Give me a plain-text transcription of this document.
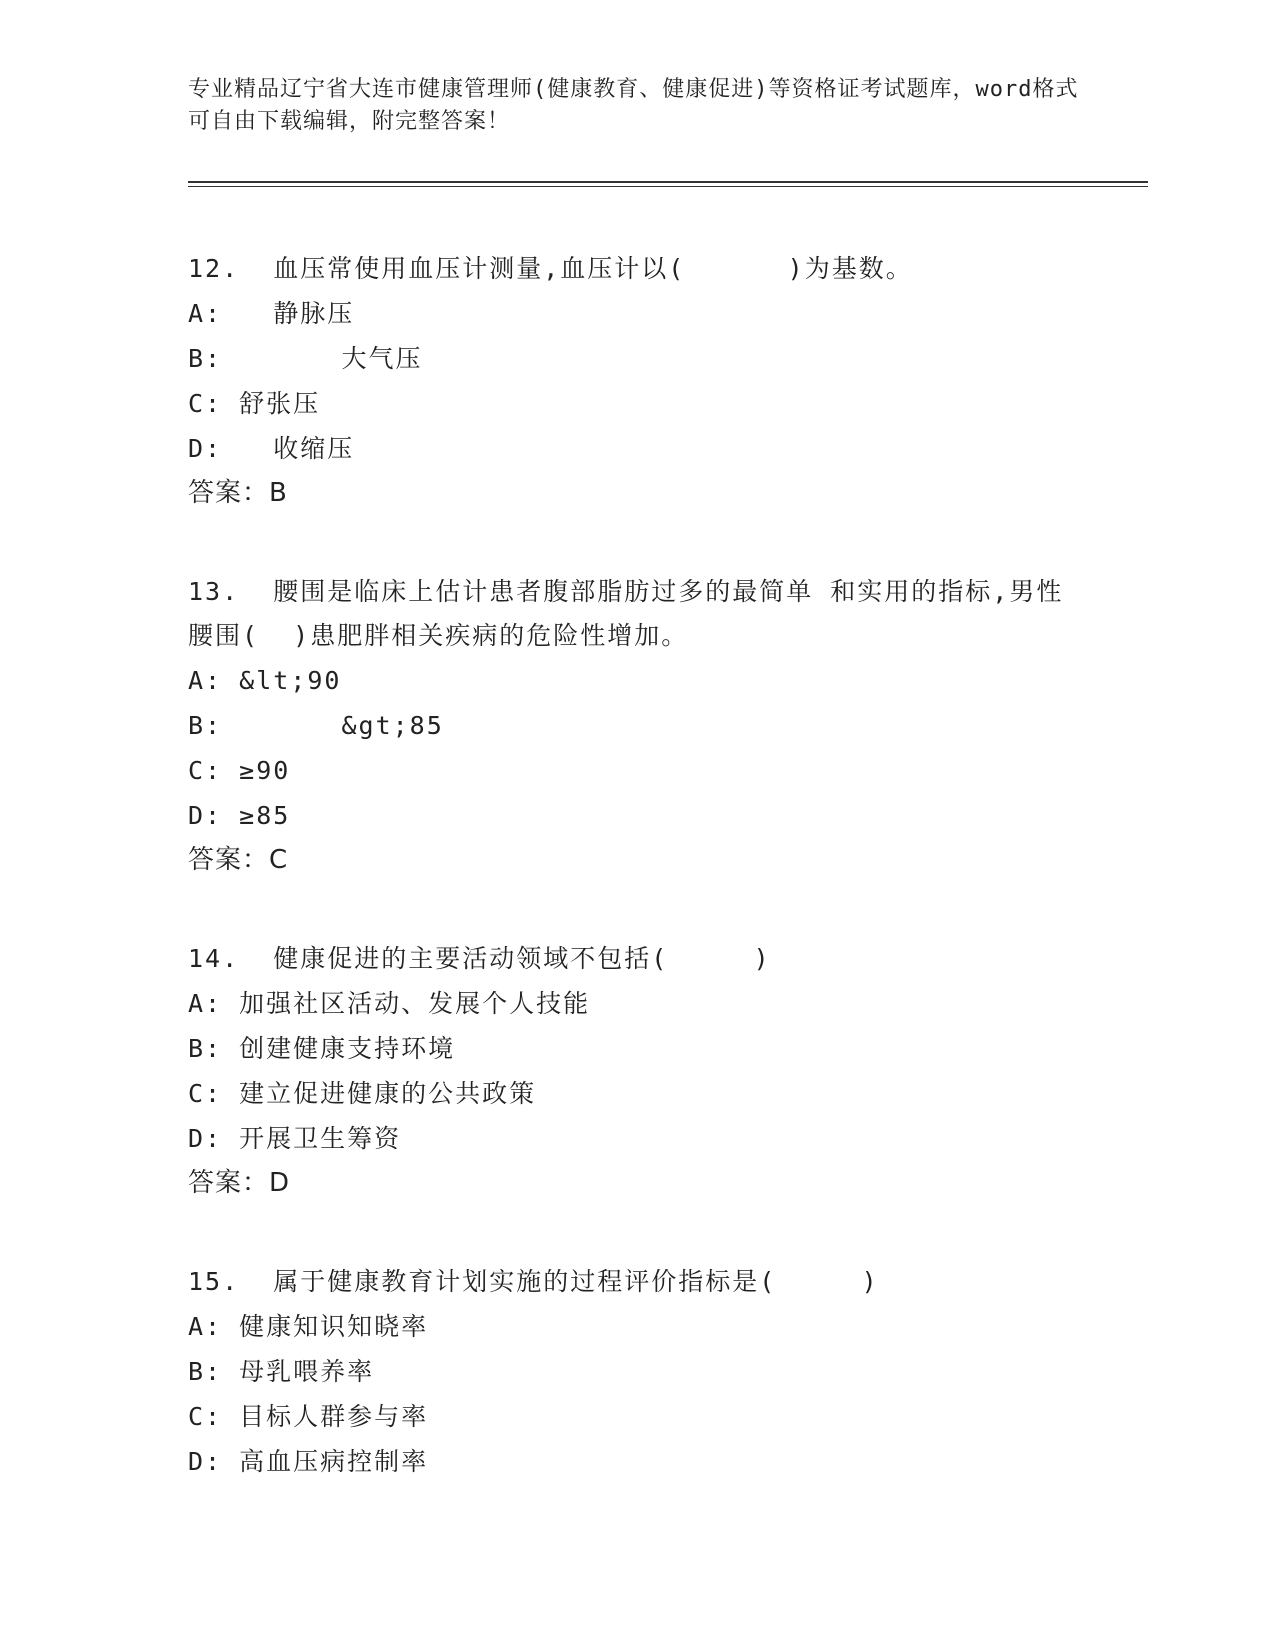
专业精品辽宁省大连市健康管理师(健康教育、健康促进)等资格证考试题库，word格式可自由下载编辑，附完整答案！
12.  血压常使用血压计测量,血压计以(      )为基数。
A:   静脉压
B:       大气压
C: 舒张压
D:   收缩压
答案：B
13.  腰围是临床上估计患者腹部脂肪过多的最简单 和实用的指标,男性腰围(  )患肥胖相关疾病的危险性增加。
A: &lt;90
B:       &gt;85
C: ≥90
D: ≥85
答案：C
14.  健康促进的主要活动领域不包括(     )
A: 加强社区活动、发展个人技能
B: 创建健康支持环境
C: 建立促进健康的公共政策
D: 开展卫生筹资
答案：D
15.  属于健康教育计划实施的过程评价指标是(     )
A: 健康知识知晓率
B: 母乳喂养率
C: 目标人群参与率
D: 高血压病控制率
